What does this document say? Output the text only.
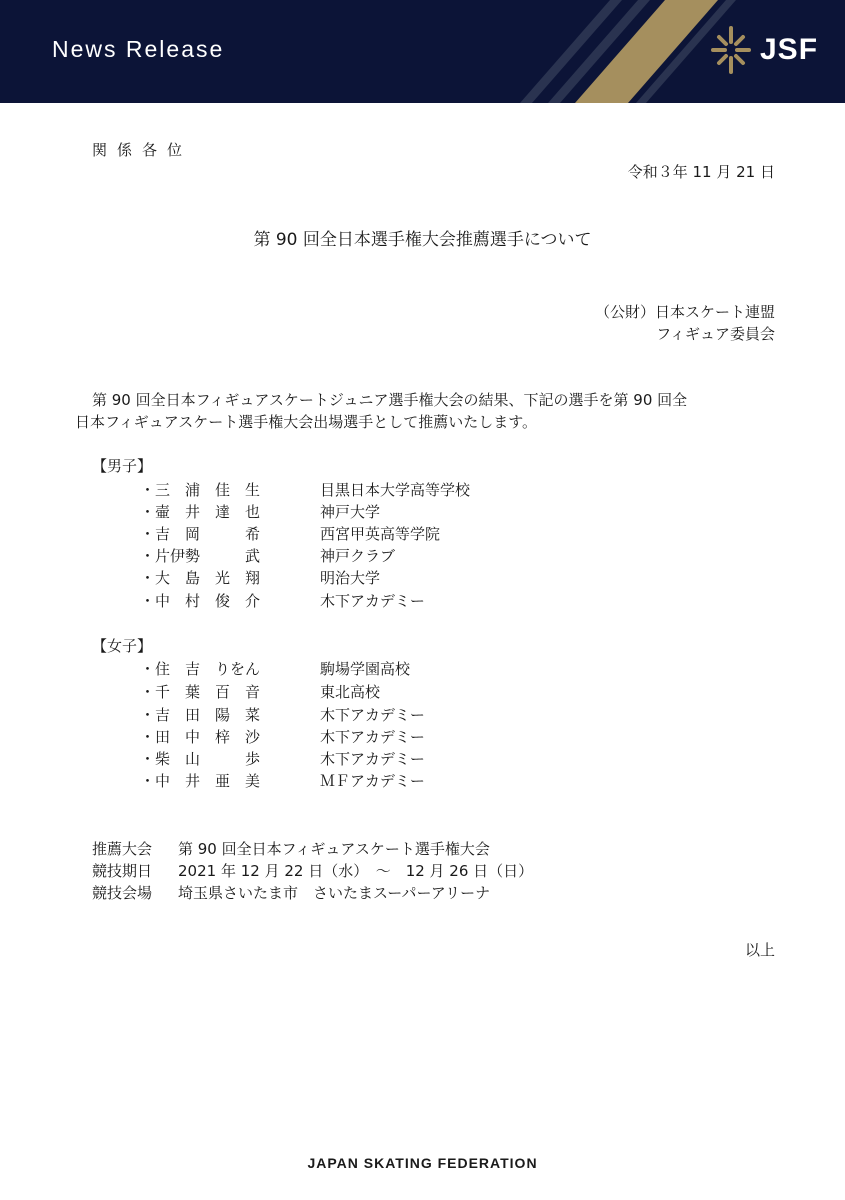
News Release	JSF
関係各位
令和３年 11 月 21 日
第 90 回全日本選手権大会推薦選手について
（公財）日本スケート連盟
フィギュア委員会
第 90 回全日本フィギュアスケートジュニア選手権大会の結果、下記の選手を第 90 回全
日本フィギュアスケート選手権大会出場選手として推薦いたします。
【男子】
・三　浦　佳　生	目黒日本大学高等学校
・壷　井　達　也	神戸大学
・吉　岡　　　希	西宮甲英高等学院
・片伊勢　　　武	神戸クラブ
・大　島　光　翔	明治大学
・中　村　俊　介	木下アカデミー
【女子】
・住　吉　りをん	駒場学園高校
・千　葉　百　音	東北高校
・吉　田　陽　菜	木下アカデミー
・田　中　梓　沙	木下アカデミー
・柴　山　　　歩	木下アカデミー
・中　井　亜　美	ＭＦアカデミー
推薦大会 第 90 回全日本フィギュアスケート選手権大会
競技期日 2021 年 12 月 22 日（水）　～　12 月 26 日（日）
競技会場 埼玉県さいたま市　さいたまスーパーアリーナ
以上
JAPAN SKATING FEDERATION
